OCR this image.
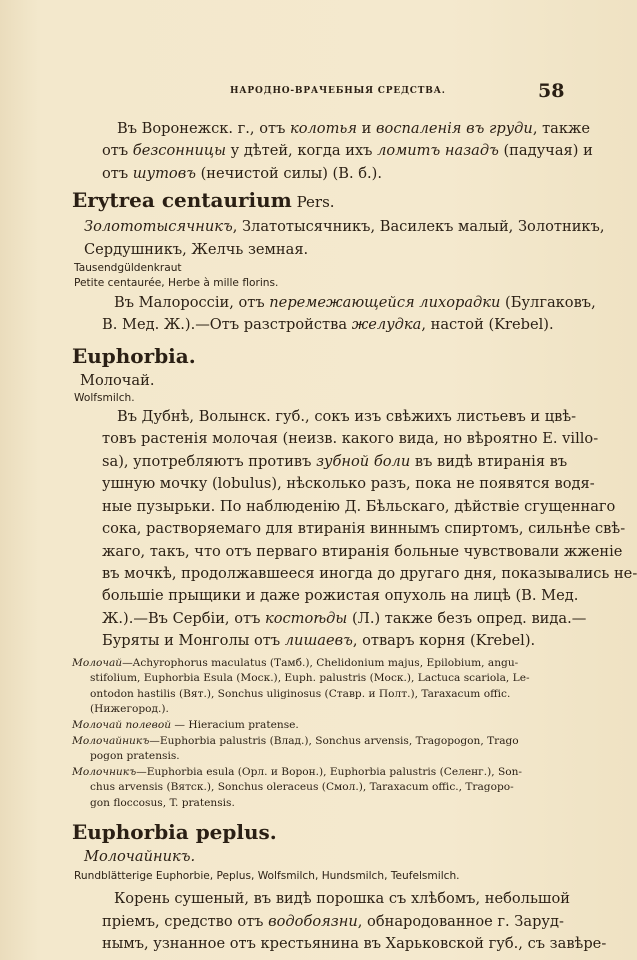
НАРОДНО-ВРАЧЕБНЫЯ СРЕДСТВА.	58
Въ Воронежск. г., отъ колотья и воспаленія въ груди, также
отъ безсонницы у дѣтей, когда ихъ ломитъ назадъ (падучая) и
отъ шутовъ (нечистой силы) (В. б.).
Erytrea centaurium Pers.
Золототысячникъ, Златотысячникъ, Василекъ малый, Золотникъ,
Сердушникъ, Желчь земная.
Tausendgüldenkraut
Petite centaurée, Herbe à mille florins.
Въ Малороссіи, отъ перемежающейся лихорадки (Булгаковъ,
В. Мед. Ж.).—Отъ разстройства желудка, настой (Krebel).
Euphorbia.
Молочай.
Wolfsmilch.
Въ Дубнѣ, Волынск. губ., сокъ изъ свѣжихъ листьевъ и цвѣ-
товъ растенія молочая (неизв. какого вида, но вѣроятно E. villo-
sa), употребляютъ противъ зубной боли въ видѣ втиранія въ
ушную мочку (lobulus), нѣсколько разъ, пока не появятся водя-
ные пузырьки. По наблюденію Д. Бѣльскаго, дѣйствіе сгущеннаго
сока, растворяемаго для втиранія виннымъ спиртомъ, сильнѣе свѣ-
жаго, такъ, что отъ перваго втиранія больные чувствовали жженіе
въ мочкѣ, продолжавшееся иногда до другаго дня, показывались не-
большіе прыщики и даже рожистая опухоль на лицѣ (В. Мед.
Ж.).—Въ Сербіи, отъ костоѣды (Л.) также безъ опред. вида.—
Буряты и Монголы отъ лишаевъ, отваръ корня (Krebel).
Молочай—Achyrophorus maculatus (Тамб.), Chelidonium majus, Epilobium, angu-
stifolium, Euphorbia Esula (Моск.), Euph. palustris (Моск.), Lactuca scariola, Le-
ontodon hastilis (Вят.), Sonchus uliginosus (Ставр. и Полт.), Taraxacum offic.
(Нижегород.).
Молочай полевой — Hieracium pratense.
Молочайникъ—Euphorbia palustris (Влад.), Sonchus arvensis, Tragopogon, Trago
pogon pratensis.
Молочникъ—Euphorbia esula (Орл. и Ворон.), Euphorbia palustris (Селенг.), Son-
chus arvensis (Вятск.), Sonchus oleraceus (Смол.), Taraxacum offic., Tragopo-
gon floccosus, T. pratensis.
Euphorbia peplus.
Молочайникъ.
Rundblätterige Euphorbie, Peplus, Wolfsmilch, Hundsmilch, Teufelsmilch.
Корень сушеный, въ видѣ порошка съ хлѣбомъ, небольшой
пріемъ, средство отъ водобоязни, обнародованное г. Заруд-
нымъ, узнанное отъ крестьянина въ Харьковской губ., съ завѣре-
